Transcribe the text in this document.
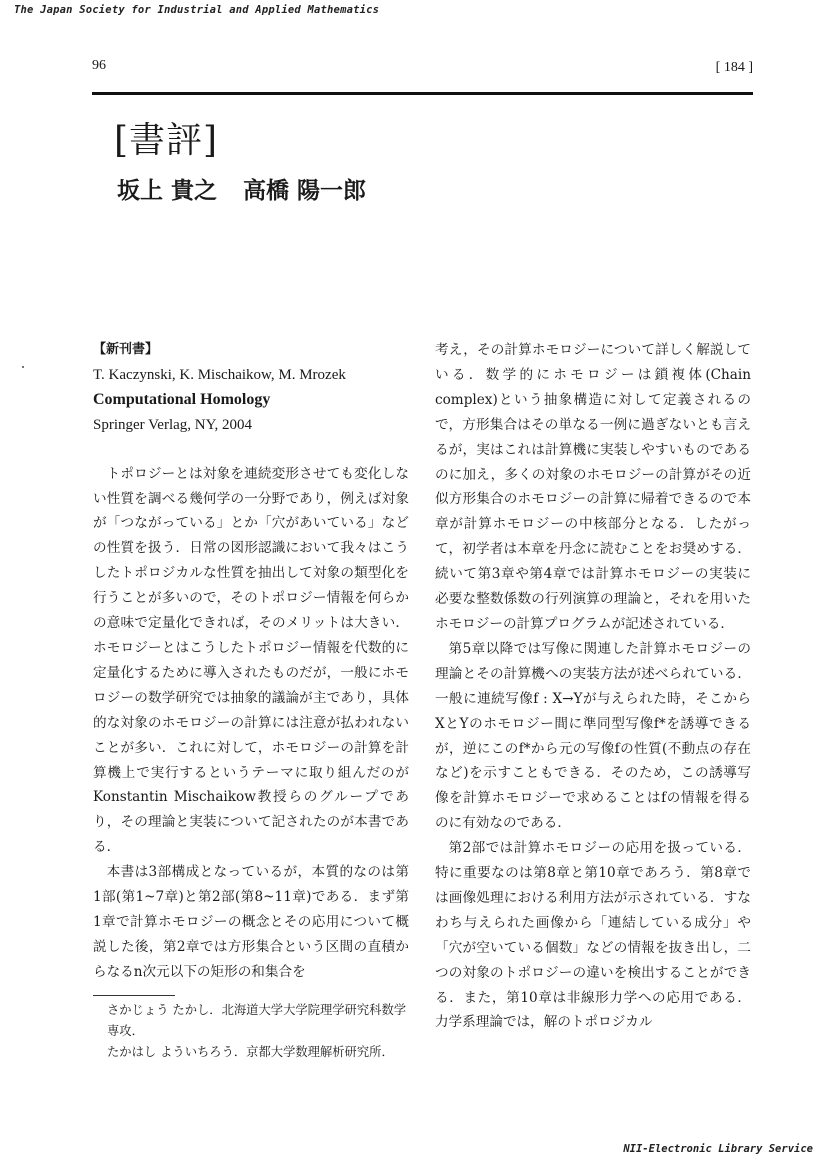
The Japan Society for Industrial and Applied Mathematics
96	[ 184 ]
[書評]
坂上 貴之 高橋 陽一郎

【新刊書】

T. Kaczynski, K. Mischaikow, M. Mrozek

Computational Homology

Springer Verlag, NY, 2004

トポロジーとは対象を連続変形させても変化しない性質を調べる幾何学の一分野であり，例えば対象が「つながっている」とか「穴があいている」などの性質を扱う．日常の図形認識において我々はこうしたトポロジカルな性質を抽出して対象の類型化を行うことが多いので，そのトポロジー情報を何らかの意味で定量化できれば，そのメリットは大きい．ホモロジーとはこうしたトポロジー情報を代数的に定量化するために導入されたものだが，一般にホモロジーの数学研究では抽象的議論が主であり，具体的な対象のホモロジーの計算には注意が払われないことが多い．これに対して，ホモロジーの計算を計算機上で実行するというテーマに取り組んだのがKonstantin Mischaikow教授らのグループであり，その理論と実装について記されたのが本書である．

本書は3部構成となっているが，本質的なのは第1部(第1~7章)と第2部(第8~11章)である．まず第1章で計算ホモロジーの概念とその応用について概説した後，第2章では方形集合という区間の直積からなるn次元以下の矩形の和集合を

さかじょう たかし．北海道大学大学院理学研究科数学専攻．

たかはし よういちろう．京都大学数理解析研究所．

考え，その計算ホモロジーについて詳しく解説している．数学的にホモロジーは鎖複体(Chain complex)という抽象構造に対して定義されるので，方形集合はその単なる一例に過ぎないとも言えるが，実はこれは計算機に実装しやすいものであるのに加え，多くの対象のホモロジーの計算がその近似方形集合のホモロジーの計算に帰着できるので本章が計算ホモロジーの中核部分となる．したがって，初学者は本章を丹念に読むことをお奨めする．続いて第3章や第4章では計算ホモロジーの実装に必要な整数係数の行列演算の理論と，それを用いたホモロジーの計算プログラムが記述されている．

第5章以降では写像に関連した計算ホモロジーの理論とその計算機への実装方法が述べられている．一般に連続写像f : X→Yが与えられた時，そこからXとYのホモロジー間に準同型写像f*を誘導できるが，逆にこのf*から元の写像fの性質(不動点の存在など)を示すこともできる．そのため，この誘導写像を計算ホモロジーで求めることはfの情報を得るのに有効なのである．

第2部では計算ホモロジーの応用を扱っている．特に重要なのは第8章と第10章であろう．第8章では画像処理における利用方法が示されている．すなわち与えられた画像から「連結している成分」や「穴が空いている個数」などの情報を抜き出し，二つの対象のトポロジーの違いを検出することができる．また，第10章は非線形力学への応用である．力学系理論では，解のトポロジカル

NII-Electronic Library Service
